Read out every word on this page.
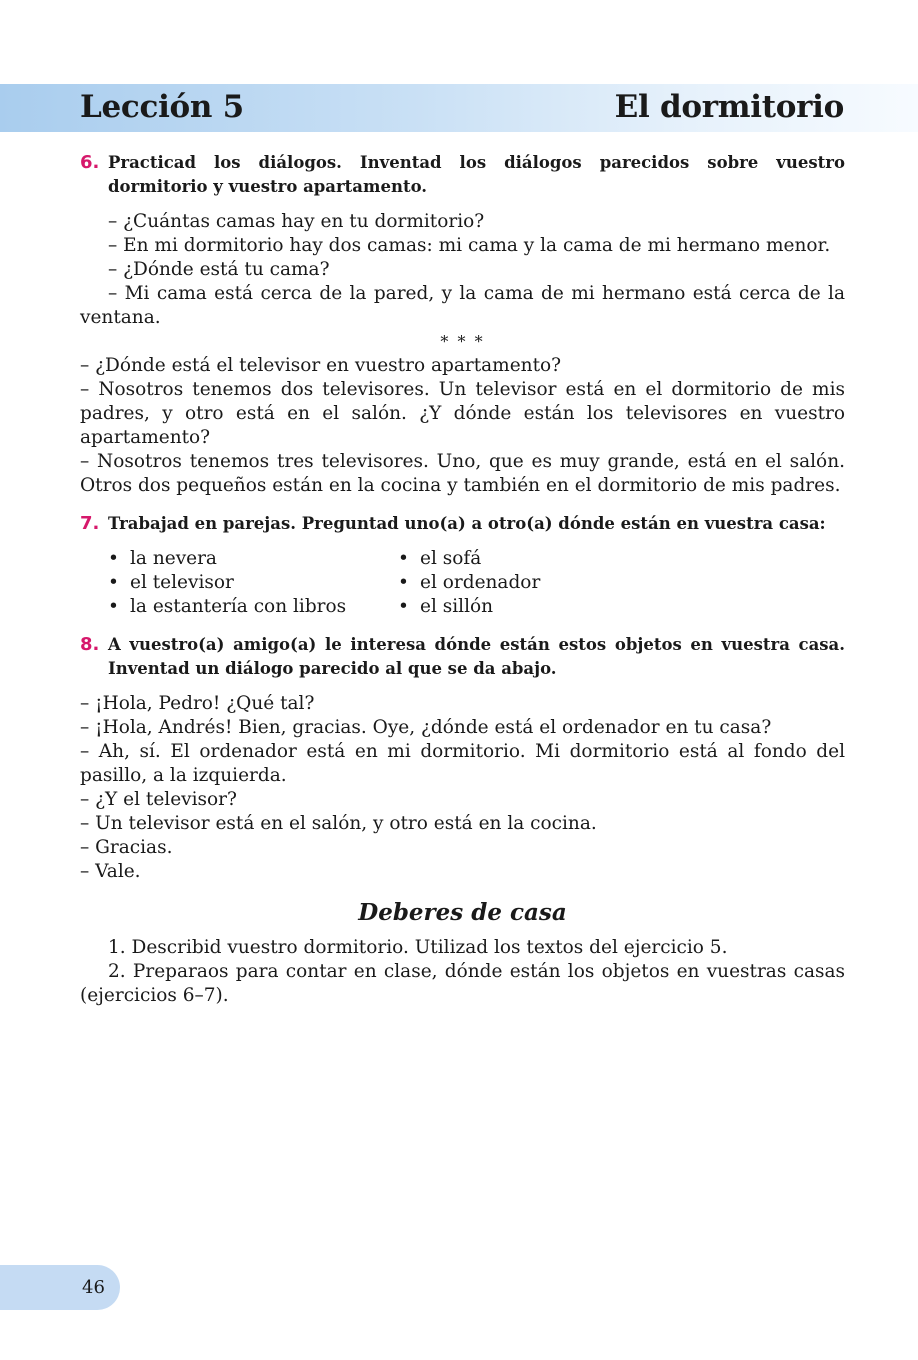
Lección 5	El dormitorio
6. Practicad los diálogos. Inventad los diálogos parecidos sobre vuestro dormitorio y vuestro apartamento.

– ¿Cuántas camas hay en tu dormitorio?

– En mi dormitorio hay dos camas: mi cama y la cama de mi hermano menor.

– ¿Dónde está tu cama?

– Mi cama está cerca de la pared, y la cama de mi hermano está cerca de la ventana.

* * *

– ¿Dónde está el televisor en vuestro apartamento?

– Nosotros tenemos dos televisores. Un televisor está en el dormitorio de mis padres, y otro está en el salón. ¿Y dónde están los televisores en vuestro apartamento?

– Nosotros tenemos tres televisores. Uno, que es muy grande, está en el salón. Otros dos pequeños están en la cocina y también en el dormitorio de mis padres.

7. Trabajad en parejas. Preguntad uno(a) a otro(a) dónde están en vuestra casa:
• la nevera	• el sofá
• el televisor	• el ordenador
• la estantería con libros	• el sillón
8. A vuestro(a) amigo(a) le interesa dónde están estos objetos en vuestra casa. Inventad un diálogo parecido al que se da abajo.

– ¡Hola, Pedro! ¿Qué tal?

– ¡Hola, Andrés! Bien, gracias. Oye, ¿dónde está el ordenador en tu casa?

– Ah, sí. El ordenador está en mi dormitorio. Mi dormitorio está al fondo del pasillo, a la izquierda.

– ¿Y el televisor?

– Un televisor está en el salón, y otro está en la cocina.

– Gracias.

– Vale.

Deberes de casa

1. Describid vuestro dormitorio. Utilizad los textos del ejercicio 5.

2. Preparaos para contar en clase, dónde están los objetos en vuestras casas (ejercicios 6–7).

46
